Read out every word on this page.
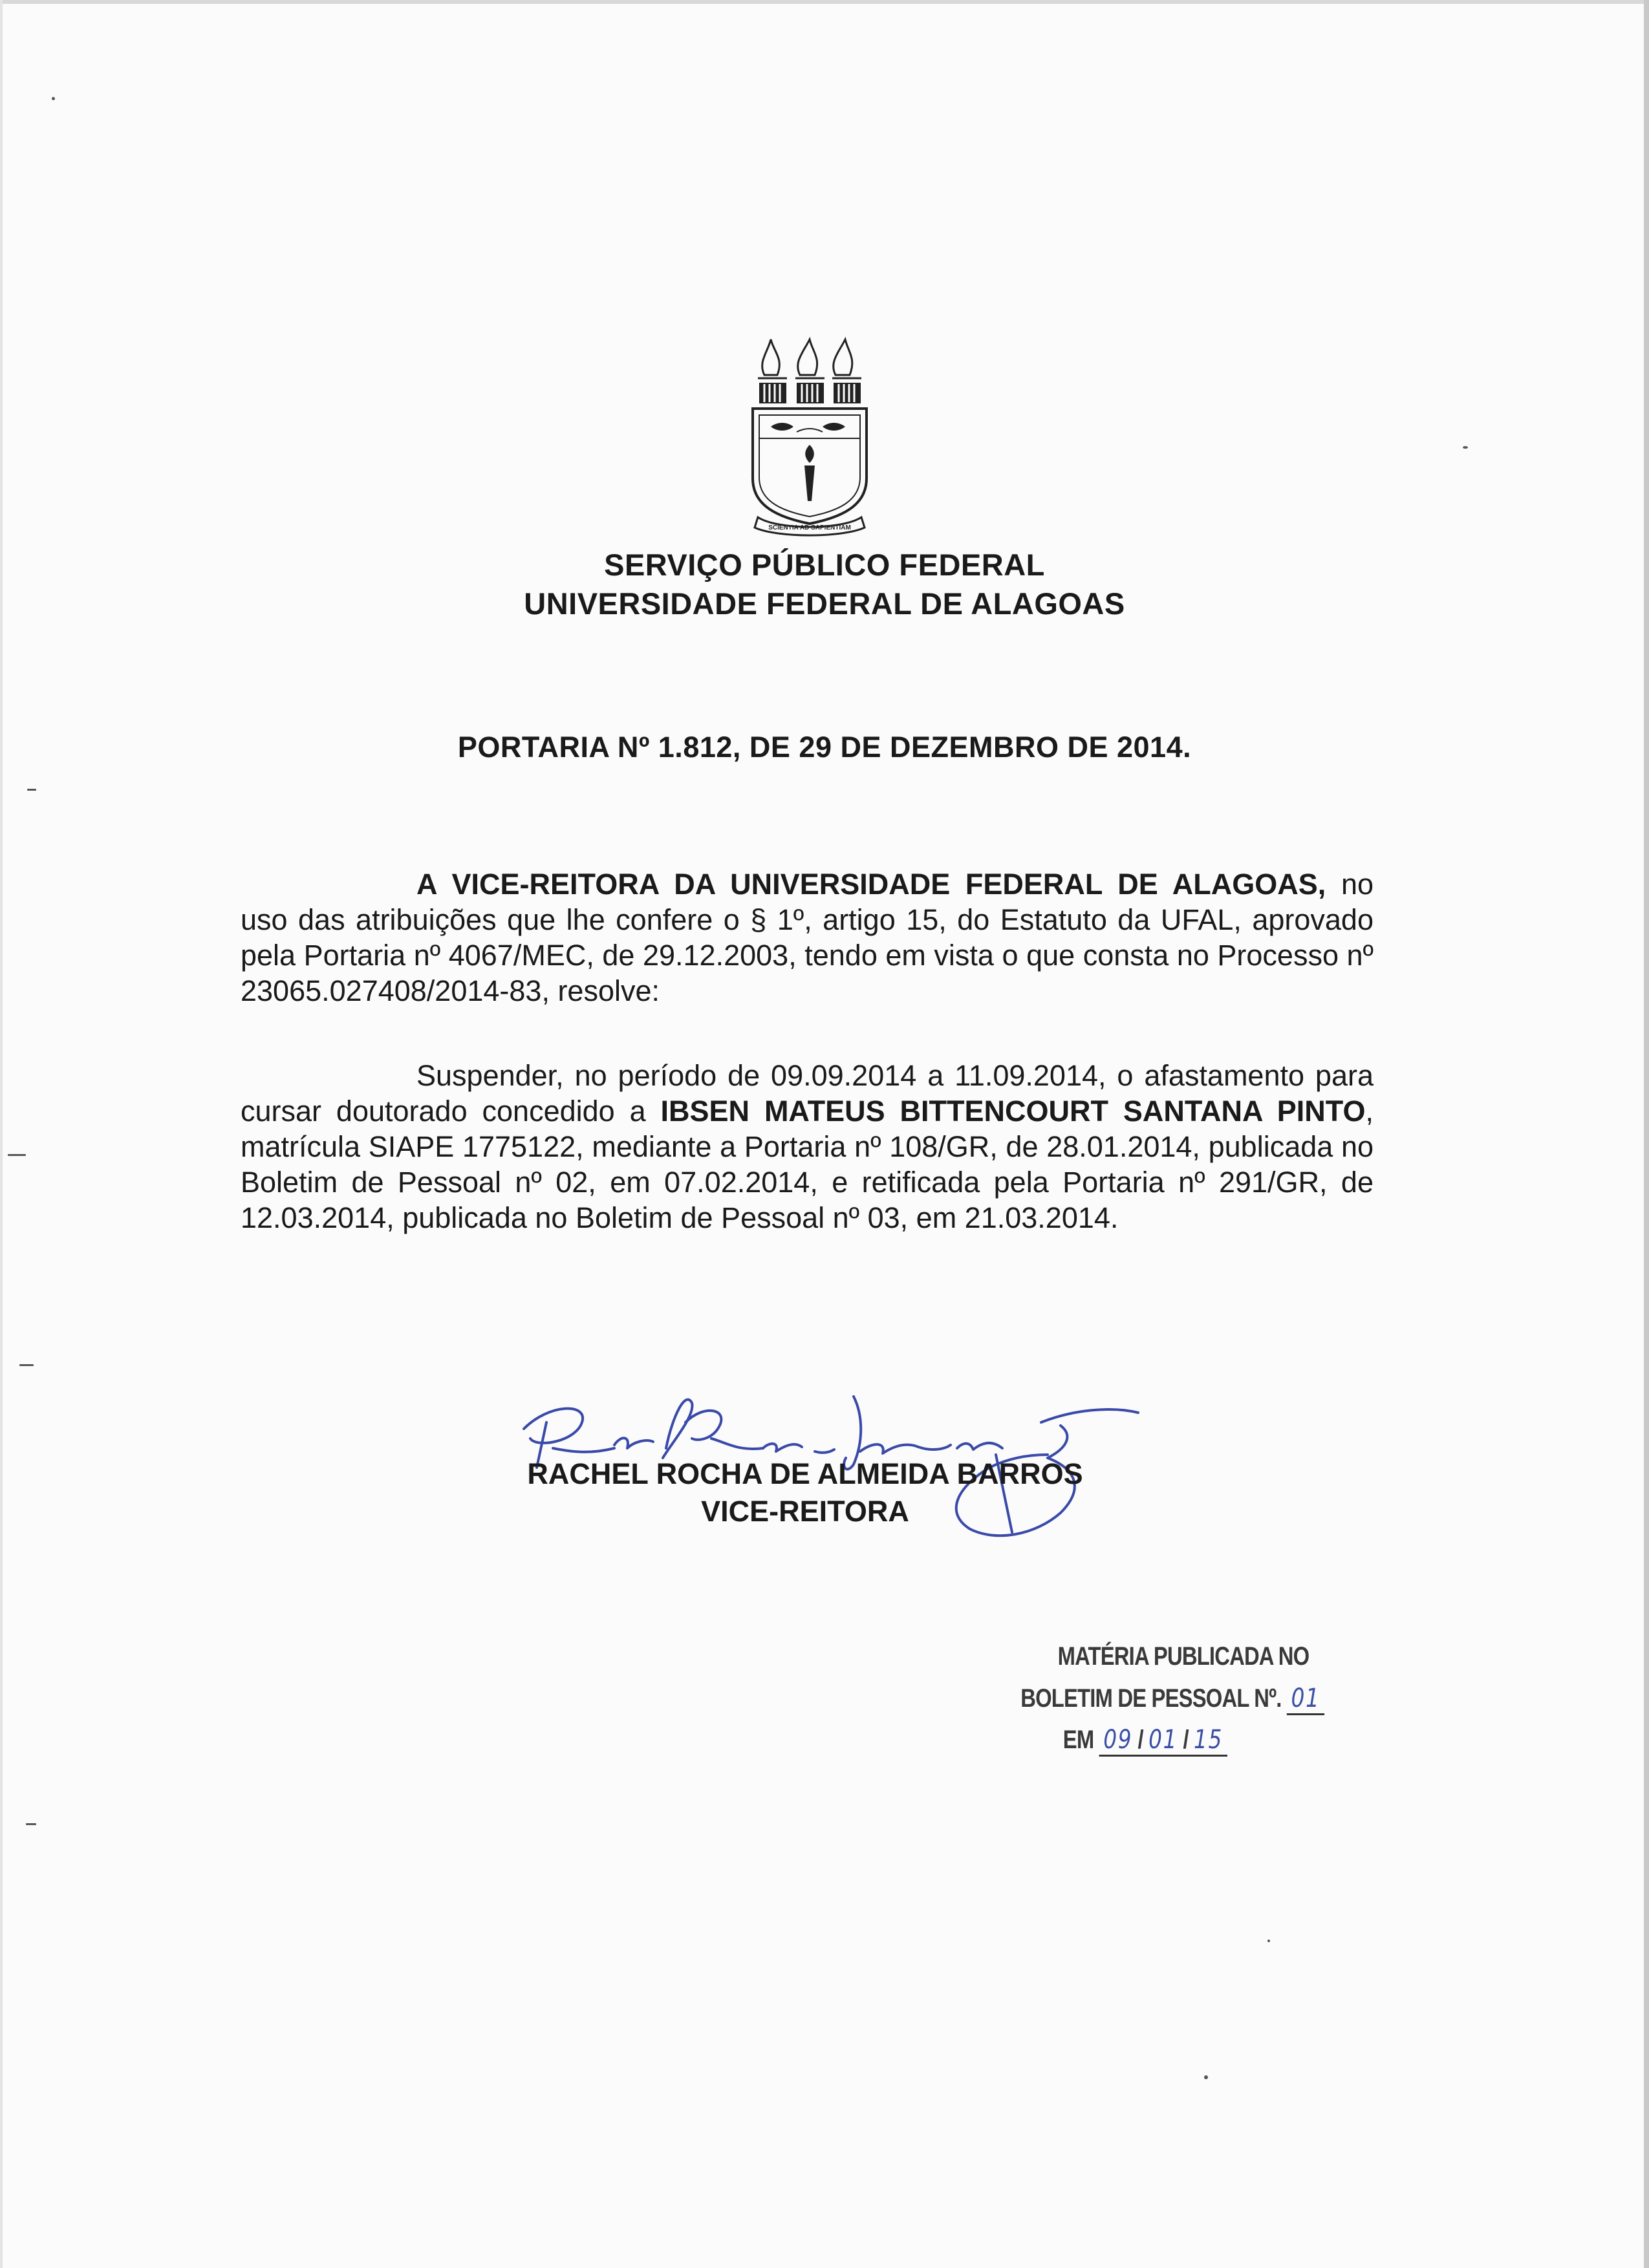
SCIENTIA AD SAPIENTIAM
SERVIÇO PÚBLICO FEDERAL
UNIVERSIDADE FEDERAL DE ALAGOAS
PORTARIA Nº 1.812, DE 29 DE DEZEMBRO DE 2014.
A VICE-REITORA DA UNIVERSIDADE FEDERAL DE ALAGOAS, no uso das atribuições que lhe confere o § 1º, artigo 15, do Estatuto da UFAL, aprovado pela Portaria nº 4067/MEC, de 29.12.2003, tendo em vista o que consta no Processo nº 23065.027408/2014-83, resolve:
Suspender, no período de 09.09.2014 a 11.09.2014, o afastamento para cursar doutorado concedido a IBSEN MATEUS BITTENCOURT SANTANA PINTO, matrícula SIAPE 1775122, mediante a Portaria nº 108/GR, de 28.01.2014, publicada no Boletim de Pessoal nº 02, em 07.02.2014, e retificada pela Portaria nº 291/GR, de 12.03.2014, publicada no Boletim de Pessoal nº 03, em 21.03.2014.
RACHEL ROCHA DE ALMEIDA BARROS
VICE-REITORA
MATÉRIA PUBLICADA NO
BOLETIM DE PESSOAL Nº. 01
EM 09 / 01 / 15
